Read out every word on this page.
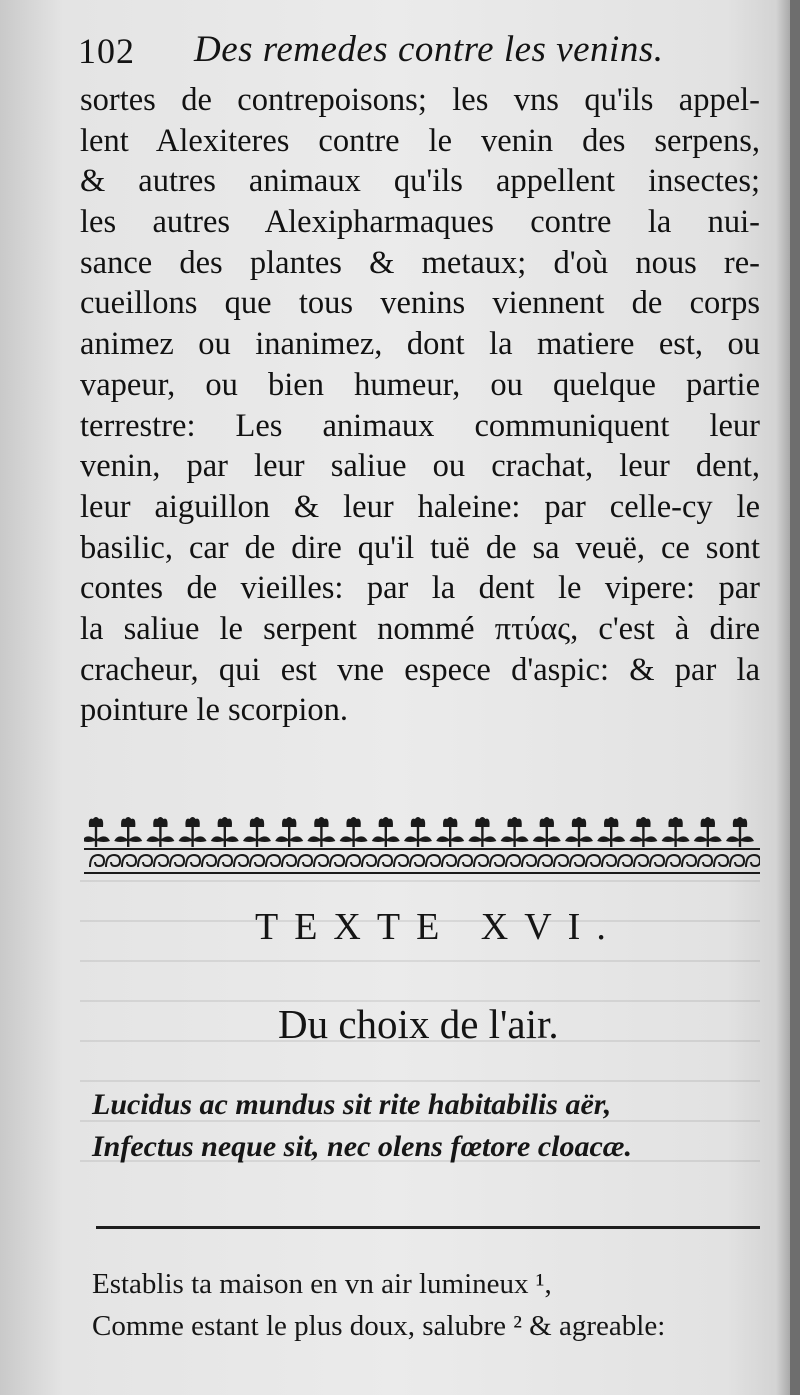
102 Des remedes contre les venins.
sortes de contrepoisons; les vns qu'ils appel-
lent Alexiteres contre le venin des serpens,
& autres animaux qu'ils appellent insectes;
les autres Alexipharmaques contre la nui-
sance des plantes & metaux; d'où nous re-
cueillons que tous venins viennent de corps
animez ou inanimez, dont la matiere est, ou
vapeur, ou bien humeur, ou quelque partie
terrestre: Les animaux communiquent leur
venin, par leur saliue ou crachat, leur dent,
leur aiguillon & leur haleine: par celle-cy le
basilic, car de dire qu'il tuë de sa veuë, ce sont
contes de vieilles: par la dent le vipere: par
la saliue le serpent nommé πτύας, c'est à dire
cracheur, qui est vne espece d'aspic: & par la
pointure le scorpion.
TEXTE XVI.
Du choix de l'air.
Lucidus ac mundus sit rite habitabilis aër,
Infectus neque sit, nec olens fœtore cloacæ.
Establis ta maison en vn air lumineux ¹,
Comme estant le plus doux, salubre ² & agreable:
